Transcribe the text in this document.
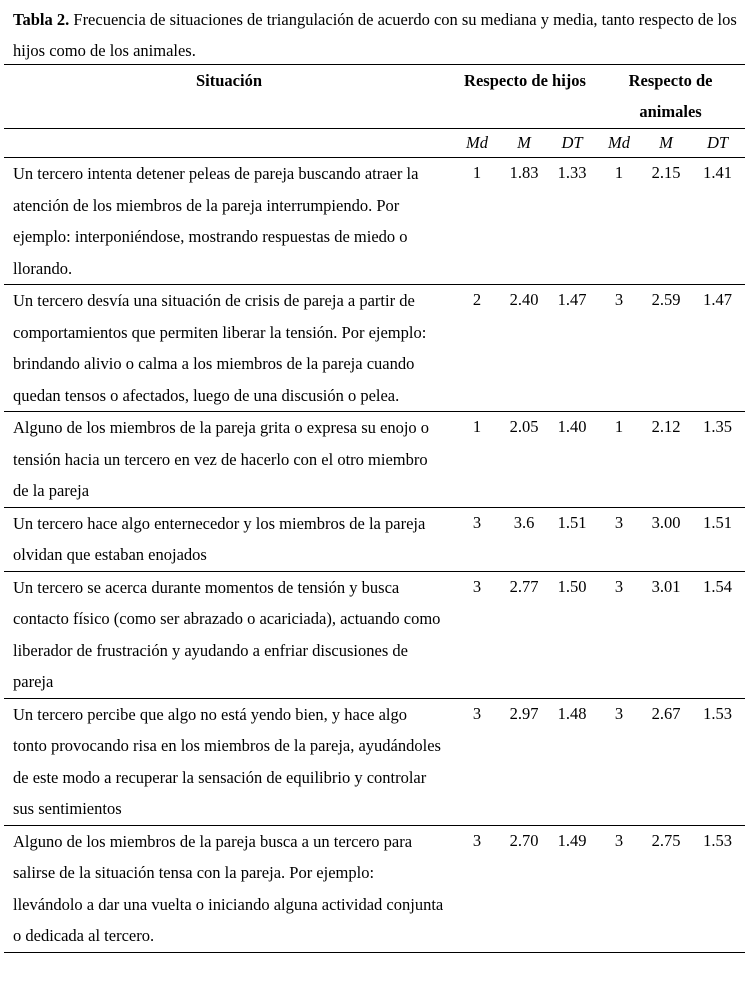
Tabla 2. Frecuencia de situaciones de triangulación de acuerdo con su mediana y media, tanto respecto de los hijos como de los animales.
Situación	Respecto de hijos			Respecto de animales		
	Md	M	DT	Md	M	DT
Un tercero intenta detener peleas de pareja buscando atraer la atención de los miembros de la pareja interrumpiendo. Por ejemplo: interponiéndose, mostrando respuestas de miedo o llorando.	1	1.83	1.33	1	2.15	1.41
Un tercero desvía una situación de crisis de pareja a partir de comportamientos que permiten liberar la tensión. Por ejemplo: brindando alivio o calma a los miembros de la pareja cuando quedan tensos o afectados, luego de una discusión o pelea.	2	2.40	1.47	3	2.59	1.47
Alguno de los miembros de la pareja grita o expresa su enojo o tensión hacia un tercero en vez de hacerlo con el otro miembro de la pareja	1	2.05	1.40	1	2.12	1.35
Un tercero hace algo enternecedor y los miembros de la pareja olvidan que estaban enojados	3	3.6	1.51	3	3.00	1.51
Un tercero se acerca durante momentos de tensión y busca contacto físico (como ser abrazado o acariciada), actuando como liberador de frustración y ayudando a enfriar discusiones de pareja	3	2.77	1.50	3	3.01	1.54
Un tercero percibe que algo no está yendo bien, y hace algo tonto provocando risa en los miembros de la pareja, ayudándoles de este modo a recuperar la sensación de equilibrio y controlar sus sentimientos	3	2.97	1.48	3	2.67	1.53
Alguno de los miembros de la pareja busca a un tercero para salirse de la situación tensa con la pareja. Por ejemplo: llevándolo a dar una vuelta o iniciando alguna actividad conjunta o dedicada al tercero.	3	2.70	1.49	3	2.75	1.53
